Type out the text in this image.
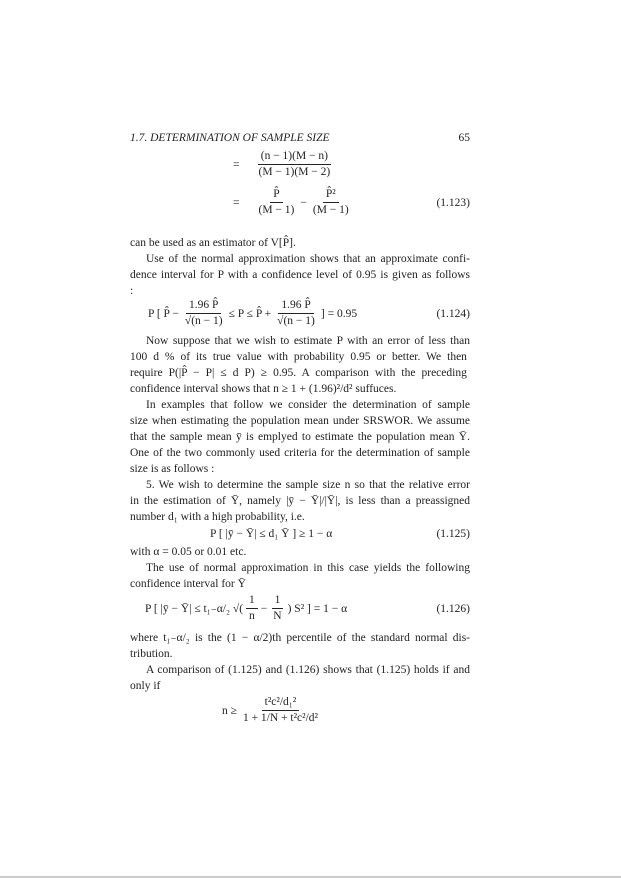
1.7. DETERMINATION OF SAMPLE SIZE	65
= $\frac{(n - 1)(M - n)}{(M - 1)(M - 2)}$
= $\frac{P̂}{(M - 1)} - \frac{\text{P̂²}}{(M - 1)}$	(1.123)
can be used as an estimator of V[P̂].
Use of the normal approximation shows that an approximate confi-
dence interval for P with a confidence level of 0.95 is given as follows
:
P [ P̂ − $\frac{1.96 P̂}{√(n - 1)} \le P$ ≤ P̂ + $\frac{1.96 P̂}{√(n - 1)}$ ] = 0.95	(1.124)
Now suppose that we wish to estimate P with an error of less than
100 d % of its true value with probability 0.95 or better. We then
require P(|P̂ − P| ≤ d P) ≥ 0.95. A comparison with the preceding
confidence interval shows that n ≥ 1 + (1.96)²/d² suffuces.
In examples that follow we consider the determination of sample
size when estimating the population mean under SRSWOR. We assume
that the sample mean ȳ is emplyed to estimate the population mean Ȳ.
One of the two commonly used criteria for the determination of sample
size is as follows :
5. We wish to determine the sample size n so that the relative error
in the estimation of Ȳ, namely |ȳ − Ȳ|/|Ȳ|, is less than a preassigned
number d₁ with a high probability, i.e.
P [ |ȳ − Ȳ| ≤ d₁ Ȳ ] ≥ 1 − α	(1.125)
with α = 0.05 or 0.01 etc.
The use of normal approximation in this case yields the following
confidence interval for Ȳ
P [ |ȳ − Ȳ| ≤ t₁₋α/₂ √( $\frac{1}{n} - \frac{1}{N}$ ) S² ] = 1 − α	(1.126)
where t₁₋α/₂ is the (1 − α/2)th percentile of the standard normal dis-
tribution.
A comparison of (1.125) and (1.126) shows that (1.125) holds if and
only if
$n \ge \frac{\text{t²c²/d₁²}}{\text{1 + 1/N + t²c²/d²}}$
